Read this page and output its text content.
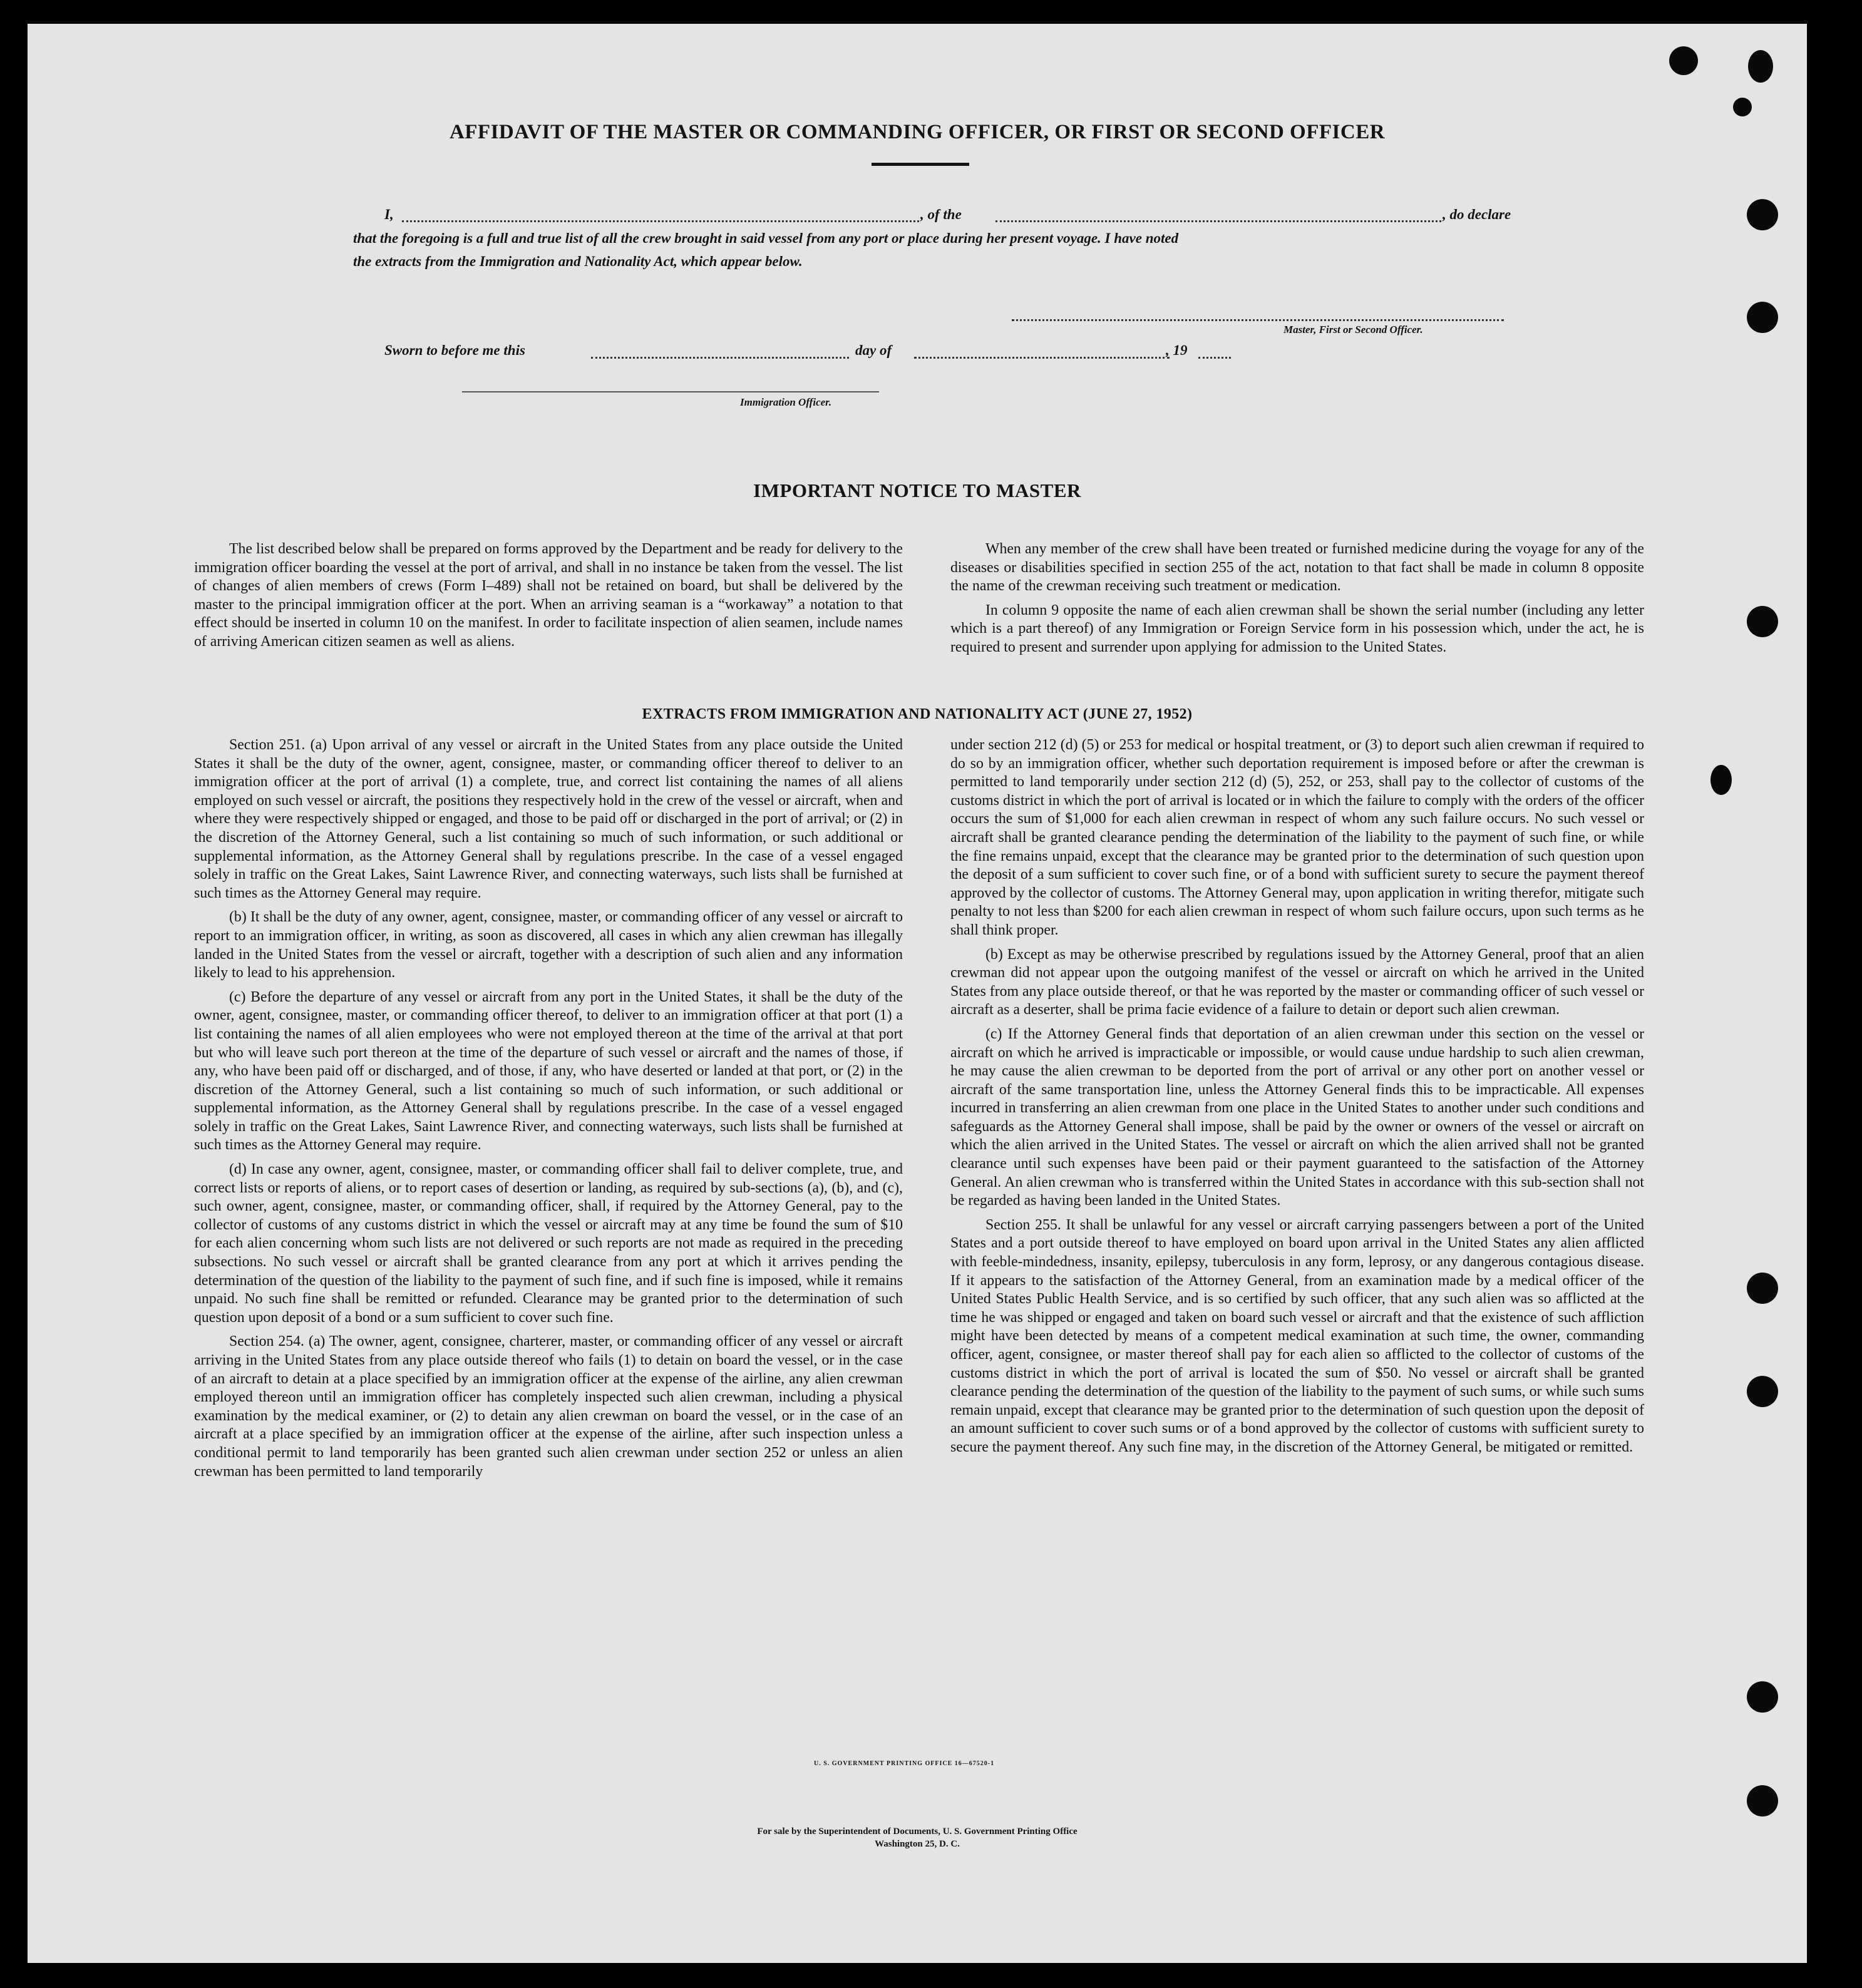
AFFIDAVIT OF THE MASTER OR COMMANDING OFFICER, OR FIRST OR SECOND OFFICER
I,	, of the	, do declare
that the foregoing is a full and true list of all the crew brought in said vessel from any port or place during her present voyage. I have noted
the extracts from the Immigration and Nationality Act, which appear below.
Master, First or Second Officer.
Sworn to before me this	day of	, 19
Immigration Officer.
IMPORTANT NOTICE TO MASTER

The list described below shall be prepared on forms approved by the Department and be ready for delivery to the immigration officer boarding the vessel at the port of arrival, and shall in no instance be taken from the vessel. The list of changes of alien members of crews (Form I–489) shall not be retained on board, but shall be delivered by the master to the principal immigration officer at the port. When an arriving seaman is a “workaway” a notation to that effect should be inserted in column 10 on the manifest. In order to facilitate inspection of alien seamen, include names of arriving American citizen seamen as well as aliens.

When any member of the crew shall have been treated or furnished medicine during the voyage for any of the diseases or disabilities specified in section 255 of the act, notation to that fact shall be made in column 8 opposite the name of the crewman receiving such treatment or medication.

In column 9 opposite the name of each alien crewman shall be shown the serial number (including any letter which is a part thereof) of any Immigration or Foreign Service form in his possession which, under the act, he is required to present and surrender upon applying for admission to the United States.

EXTRACTS FROM IMMIGRATION AND NATIONALITY ACT (JUNE 27, 1952)

Section 251. (a) Upon arrival of any vessel or aircraft in the United States from any place outside the United States it shall be the duty of the owner, agent, consignee, master, or commanding officer thereof to deliver to an immigration officer at the port of arrival (1) a complete, true, and correct list containing the names of all aliens employed on such vessel or aircraft, the positions they respectively hold in the crew of the vessel or aircraft, when and where they were respectively shipped or engaged, and those to be paid off or discharged in the port of arrival; or (2) in the discretion of the Attorney General, such a list containing so much of such information, or such additional or supplemental information, as the Attorney General shall by regulations prescribe. In the case of a vessel engaged solely in traffic on the Great Lakes, Saint Lawrence River, and connecting waterways, such lists shall be furnished at such times as the Attorney General may require.

(b) It shall be the duty of any owner, agent, consignee, master, or commanding officer of any vessel or aircraft to report to an immigration officer, in writing, as soon as discovered, all cases in which any alien crewman has illegally landed in the United States from the vessel or aircraft, together with a description of such alien and any information likely to lead to his apprehension.

(c) Before the departure of any vessel or aircraft from any port in the United States, it shall be the duty of the owner, agent, consignee, master, or commanding officer thereof, to deliver to an immigration officer at that port (1) a list containing the names of all alien employees who were not employed thereon at the time of the arrival at that port but who will leave such port thereon at the time of the departure of such vessel or aircraft and the names of those, if any, who have been paid off or discharged, and of those, if any, who have deserted or landed at that port, or (2) in the discretion of the Attorney General, such a list containing so much of such information, or such additional or supplemental information, as the Attorney General shall by regulations prescribe. In the case of a vessel engaged solely in traffic on the Great Lakes, Saint Lawrence River, and connecting waterways, such lists shall be furnished at such times as the Attorney General may require.

(d) In case any owner, agent, consignee, master, or commanding officer shall fail to deliver complete, true, and correct lists or reports of aliens, or to report cases of desertion or landing, as required by sub-sections (a), (b), and (c), such owner, agent, consignee, master, or commanding officer, shall, if required by the Attorney General, pay to the collector of customs of any customs district in which the vessel or aircraft may at any time be found the sum of $10 for each alien concerning whom such lists are not delivered or such reports are not made as required in the preceding subsections. No such vessel or aircraft shall be granted clearance from any port at which it arrives pending the determination of the question of the liability to the payment of such fine, and if such fine is imposed, while it remains unpaid. No such fine shall be remitted or refunded. Clearance may be granted prior to the determination of such question upon deposit of a bond or a sum sufficient to cover such fine.

Section 254. (a) The owner, agent, consignee, charterer, master, or commanding officer of any vessel or aircraft arriving in the United States from any place outside thereof who fails (1) to detain on board the vessel, or in the case of an aircraft to detain at a place specified by an immigration officer at the expense of the airline, any alien crewman employed thereon until an immigration officer has completely inspected such alien crewman, including a physical examination by the medical examiner, or (2) to detain any alien crewman on board the vessel, or in the case of an aircraft at a place specified by an immigration officer at the expense of the airline, after such inspection unless a conditional permit to land temporarily has been granted such alien crewman under section 252 or unless an alien crewman has been permitted to land temporarily

under section 212 (d) (5) or 253 for medical or hospital treatment, or (3) to deport such alien crewman if required to do so by an immigration officer, whether such deportation requirement is imposed before or after the crewman is permitted to land temporarily under section 212 (d) (5), 252, or 253, shall pay to the collector of customs of the customs district in which the port of arrival is located or in which the failure to comply with the orders of the officer occurs the sum of $1,000 for each alien crewman in respect of whom any such failure occurs. No such vessel or aircraft shall be granted clearance pending the determination of the liability to the payment of such fine, or while the fine remains unpaid, except that the clearance may be granted prior to the determination of such question upon the deposit of a sum sufficient to cover such fine, or of a bond with sufficient surety to secure the payment thereof approved by the collector of customs. The Attorney General may, upon application in writing therefor, mitigate such penalty to not less than $200 for each alien crewman in respect of whom such failure occurs, upon such terms as he shall think proper.

(b) Except as may be otherwise prescribed by regulations issued by the Attorney General, proof that an alien crewman did not appear upon the outgoing manifest of the vessel or aircraft on which he arrived in the United States from any place outside thereof, or that he was reported by the master or commanding officer of such vessel or aircraft as a deserter, shall be prima facie evidence of a failure to detain or deport such alien crewman.

(c) If the Attorney General finds that deportation of an alien crewman under this section on the vessel or aircraft on which he arrived is impracticable or impossible, or would cause undue hardship to such alien crewman, he may cause the alien crewman to be deported from the port of arrival or any other port on another vessel or aircraft of the same transportation line, unless the Attorney General finds this to be impracticable. All expenses incurred in transferring an alien crewman from one place in the United States to another under such conditions and safeguards as the Attorney General shall impose, shall be paid by the owner or owners of the vessel or aircraft on which the alien arrived in the United States. The vessel or aircraft on which the alien arrived shall not be granted clearance until such expenses have been paid or their payment guaranteed to the satisfaction of the Attorney General. An alien crewman who is transferred within the United States in accordance with this sub-section shall not be regarded as having been landed in the United States.

Section 255. It shall be unlawful for any vessel or aircraft carrying passengers between a port of the United States and a port outside thereof to have employed on board upon arrival in the United States any alien afflicted with feeble-mindedness, insanity, epilepsy, tuberculosis in any form, leprosy, or any dangerous contagious disease. If it appears to the satisfaction of the Attorney General, from an examination made by a medical officer of the United States Public Health Service, and is so certified by such officer, that any such alien was so afflicted at the time he was shipped or engaged and taken on board such vessel or aircraft and that the existence of such affliction might have been detected by means of a competent medical examination at such time, the owner, commanding officer, agent, consignee, or master thereof shall pay for each alien so afflicted to the collector of customs of the customs district in which the port of arrival is located the sum of $50. No vessel or aircraft shall be granted clearance pending the determination of the question of the liability to the payment of such sums, or while such sums remain unpaid, except that clearance may be granted prior to the determination of such question upon the deposit of an amount sufficient to cover such sums or of a bond approved by the collector of customs with sufficient surety to secure the payment thereof. Any such fine may, in the discretion of the Attorney General, be mitigated or remitted.

U. S. GOVERNMENT PRINTING OFFICE 16—67520-1
For sale by the Superintendent of Documents, U. S. Government Printing Office
Washington 25, D. C.
